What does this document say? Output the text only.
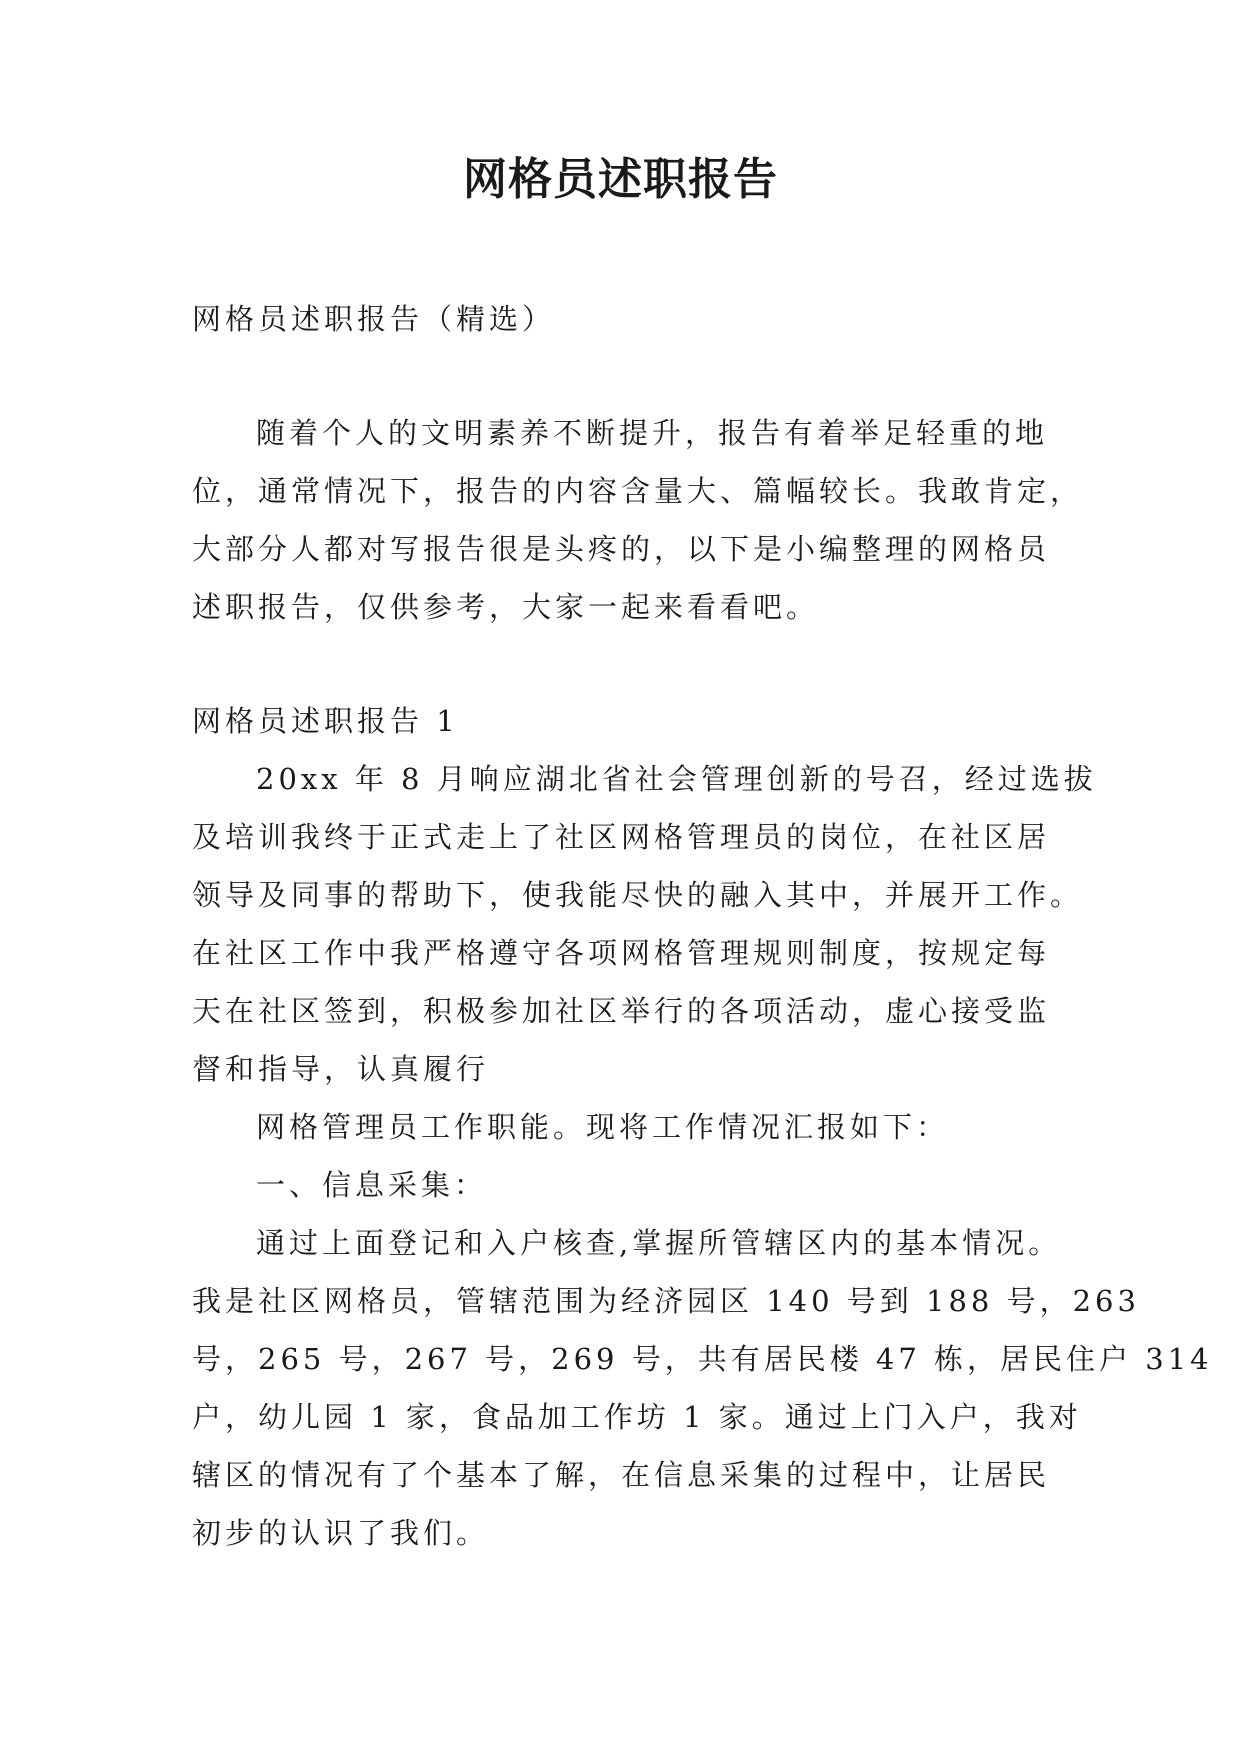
网格员述职报告

网格员述职报告（精选）

随着个人的文明素养不断提升，报告有着举足轻重的地

位，通常情况下，报告的内容含量大、篇幅较长。我敢肯定，

大部分人都对写报告很是头疼的，以下是小编整理的网格员

述职报告，仅供参考，大家一起来看看吧。

网格员述职报告 1

20xx 年 8 月响应湖北省社会管理创新的号召，经过选拔

及培训我终于正式走上了社区网格管理员的岗位，在社区居

领导及同事的帮助下，使我能尽快的融入其中，并展开工作。

在社区工作中我严格遵守各项网格管理规则制度，按规定每

天在社区签到，积极参加社区举行的各项活动，虚心接受监

督和指导，认真履行

网格管理员工作职能。现将工作情况汇报如下：

一、信息采集：

通过上面登记和入户核查,掌握所管辖区内的基本情况。

我是社区网格员，管辖范围为经济园区 140 号到 188 号，263

号，265 号，267 号，269 号，共有居民楼 47 栋，居民住户 314

户，幼儿园 1 家，食品加工作坊 1 家。通过上门入户，我对

辖区的情况有了个基本了解，在信息采集的过程中，让居民

初步的认识了我们。
